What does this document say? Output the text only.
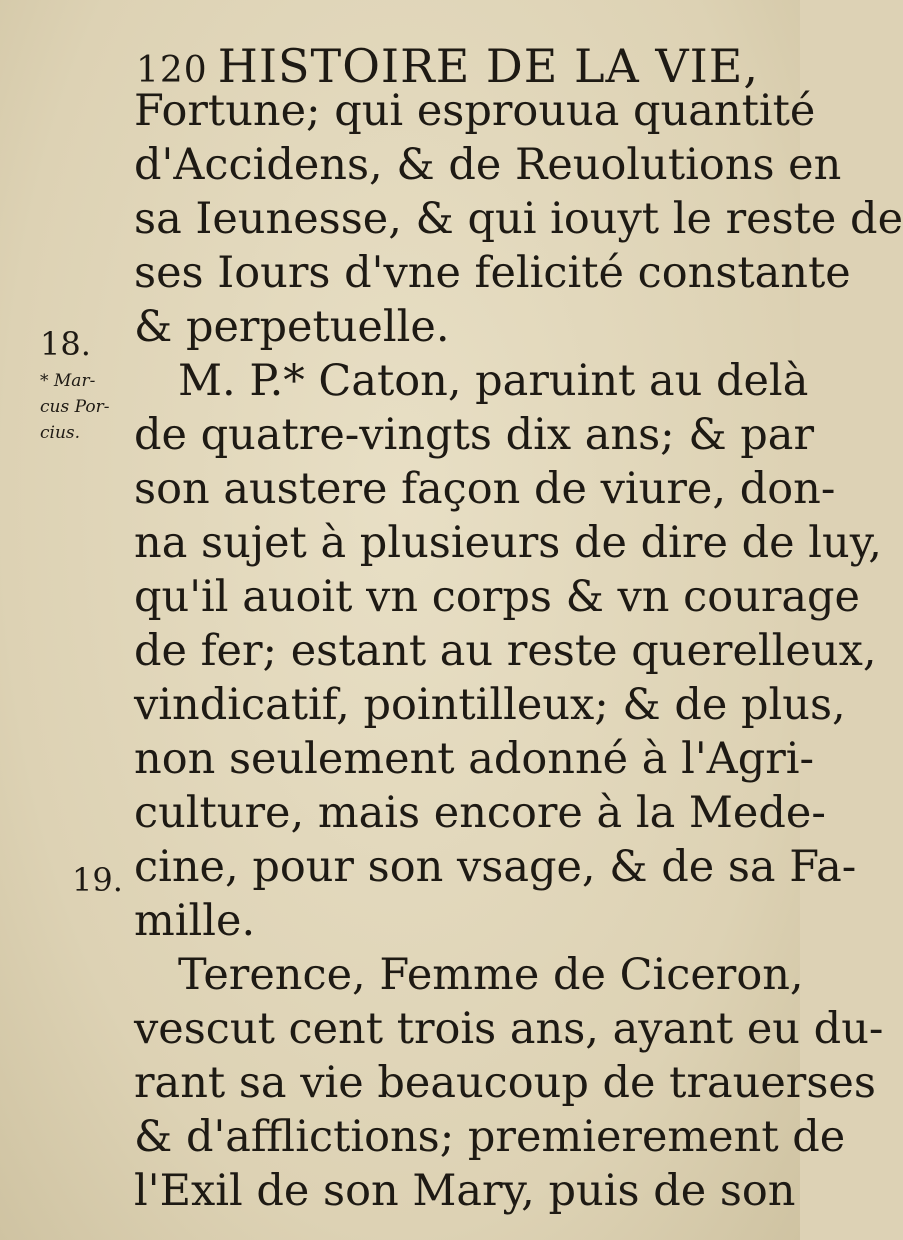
120 HISTOIRE DE LA VIE,
Fortune; qui esprouua quantité
d'Accidens, & de Reuolutions en
sa Ieunesse, & qui iouyt le reste de
ses Iours d'vne felicité constante
& perpetuelle.
M. P.* Caton, paruint au delà
de quatre-vingts dix ans; & par
son austere façon de viure, don-
na sujet à plusieurs de dire de luy,
qu'il auoit vn corps & vn courage
de fer; estant au reste querelleux,
vindicatif, pointilleux; & de plus,
non seulement adonné à l'Agri-
culture, mais encore à la Mede-
cine, pour son vsage, & de sa Fa-
mille.
Terence, Femme de Ciceron,
vescut cent trois ans, ayant eu du-
rant sa vie beaucoup de trauerses
& d'afflictions; premierement de
l'Exil de son Mary, puis de son
18.
* Mar-
cus Por-
cius.
19.
